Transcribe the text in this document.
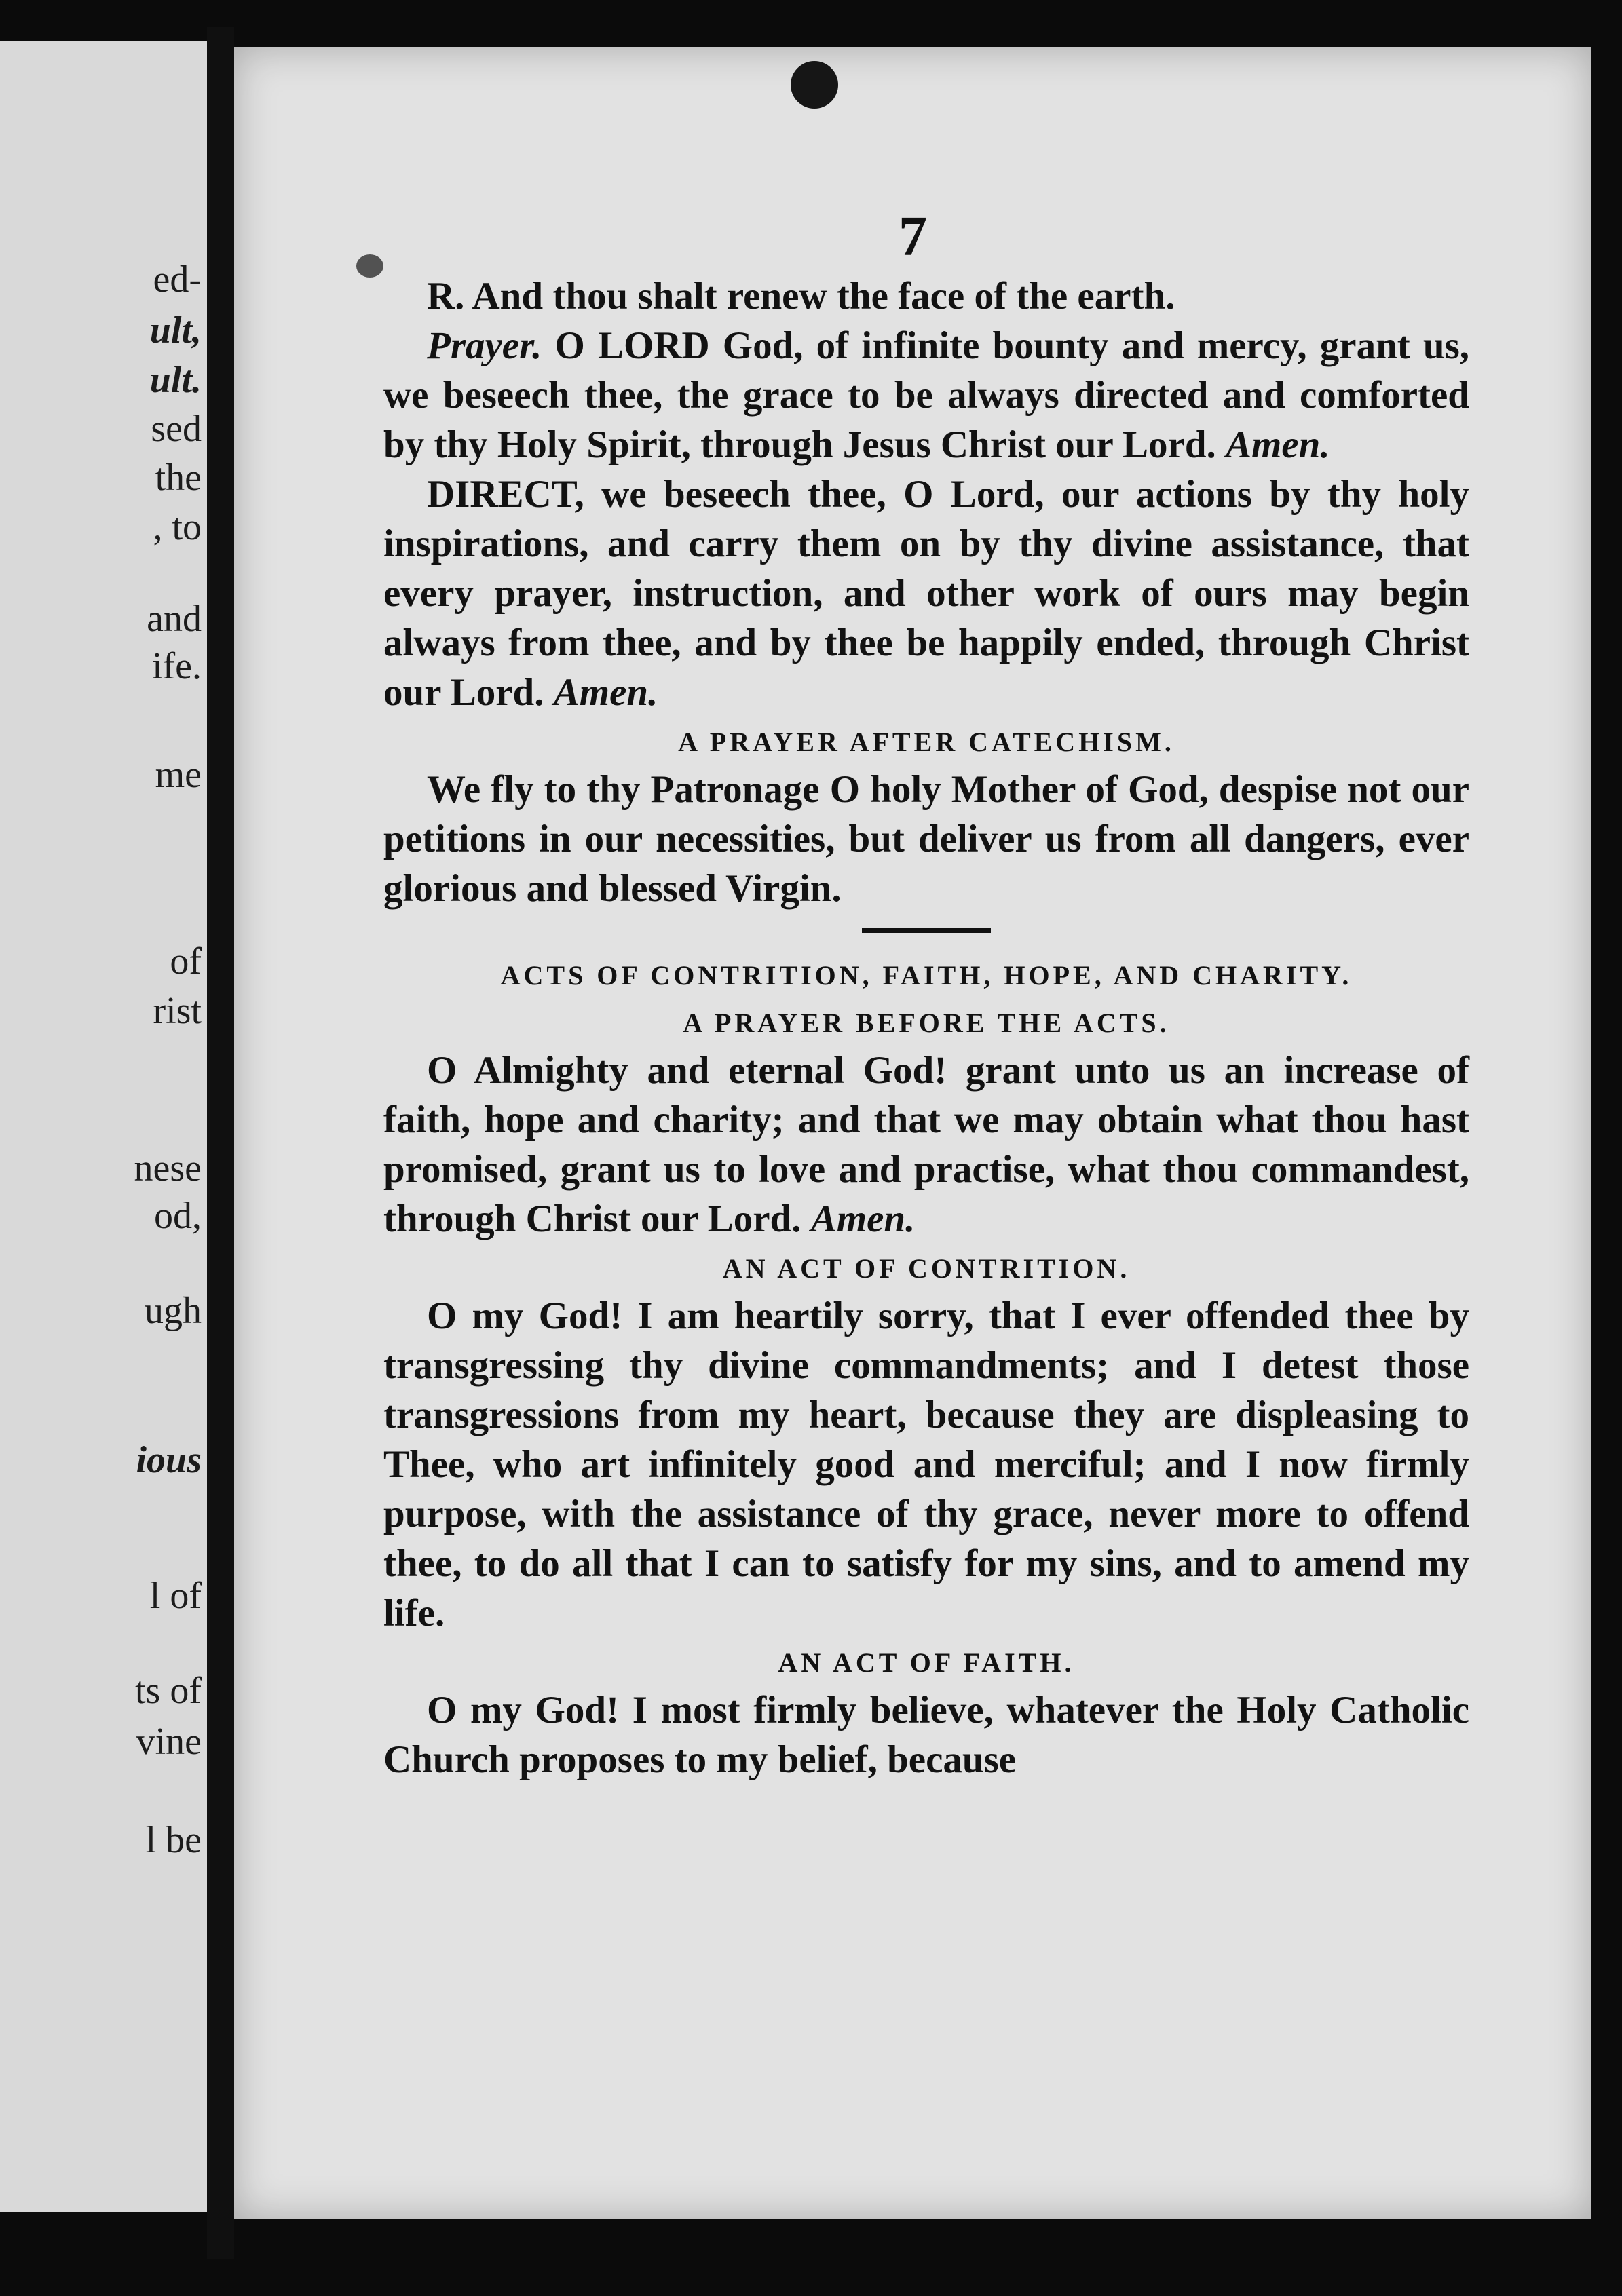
ed-
ult,
ult.
sed
the
, to
and
ife.
me
of
rist
nese
od,
ugh
ious
l of
ts of
vine
l be
7

R. And thou shalt renew the face of the earth.

Prayer. O LORD God, of infinite bounty and mercy, grant us, we beseech thee, the grace to be always directed and comforted by thy Holy Spirit, through Jesus Christ our Lord. Amen.

DIRECT, we beseech thee, O Lord, our actions by thy holy inspirations, and carry them on by thy divine assistance, that every prayer, instruction, and other work of ours may begin always from thee, and by thee be happily ended, through Christ our Lord. Amen.

A PRAYER AFTER CATECHISM.

We fly to thy Patronage O holy Mother of God, despise not our petitions in our necessities, but deliver us from all dangers, ever glorious and blessed Virgin.

ACTS OF CONTRITION, FAITH, HOPE, AND CHARITY.

A PRAYER BEFORE THE ACTS.

O Almighty and eternal God! grant unto us an increase of faith, hope and charity; and that we may obtain what thou hast promised, grant us to love and practise, what thou commandest, through Christ our Lord. Amen.

AN ACT OF CONTRITION.

O my God! I am heartily sorry, that I ever offended thee by transgressing thy divine commandments; and I detest those transgressions from my heart, because they are displeasing to Thee, who art infinitely good and merciful; and I now firmly purpose, with the assistance of thy grace, never more to offend thee, to do all that I can to satisfy for my sins, and to amend my life.

AN ACT OF FAITH.

O my God! I most firmly believe, whatever the Holy Catholic Church proposes to my belief, because
